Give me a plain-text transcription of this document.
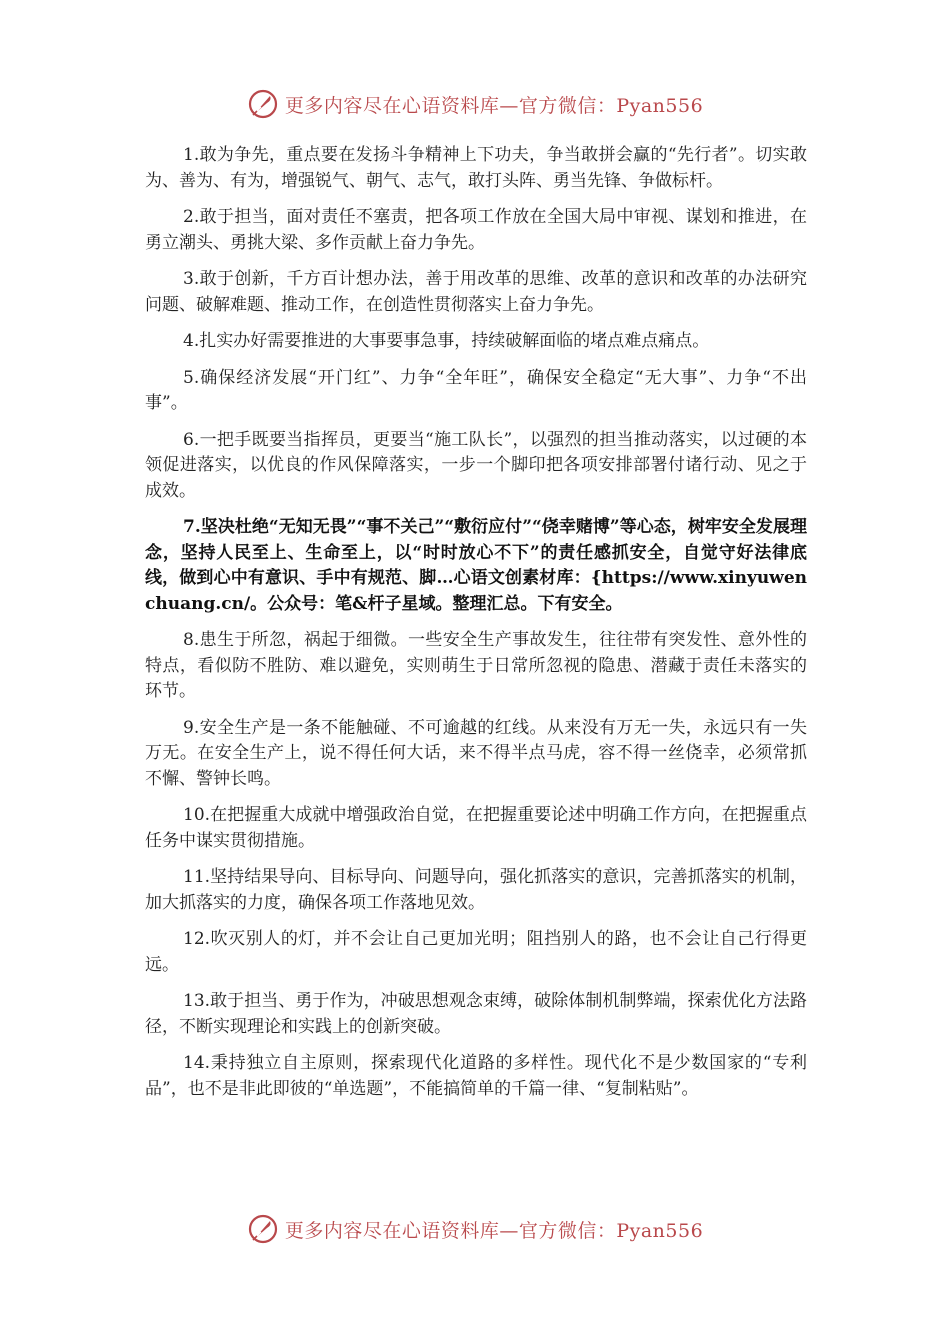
更多内容尽在心语资料库—官方微信：Pyan556

1.敢为争先，重点要在发扬斗争精神上下功夫，争当敢拼会赢的“先行者”。切实敢为、善为、有为，增强锐气、朝气、志气，敢打头阵、勇当先锋、争做标杆。

2.敢于担当，面对责任不塞责，把各项工作放在全国大局中审视、谋划和推进，在勇立潮头、勇挑大梁、多作贡献上奋力争先。

3.敢于创新，千方百计想办法，善于用改革的思维、改革的意识和改革的办法研究问题、破解难题、推动工作，在创造性贯彻落实上奋力争先。

4.扎实办好需要推进的大事要事急事，持续破解面临的堵点难点痛点。

5.确保经济发展“开门红”、力争“全年旺”，确保安全稳定“无大事”、力争“不出事”。

6.一把手既要当指挥员，更要当“施工队长”，以强烈的担当推动落实，以过硬的本领促进落实，以优良的作风保障落实，一步一个脚印把各项安排部署付诸行动、见之于成效。

7.坚决杜绝“无知无畏”“事不关己”“敷衍应付”“侥幸赌博”等心态，树牢安全发展理念，坚持人民至上、生命至上，以“时时放心不下”的责任感抓安全，自觉守好法律底线，做到心中有意识、手中有规范、脚…心语文创素材库：{https://www.xinyuwenchuang.cn/。公众号：笔&杆子星域。整理汇总。下有安全。

8.患生于所忽，祸起于细微。一些安全生产事故发生，往往带有突发性、意外性的特点，看似防不胜防、难以避免，实则萌生于日常所忽视的隐患、潜藏于责任未落实的环节。

9.安全生产是一条不能触碰、不可逾越的红线。从来没有万无一失，永远只有一失万无。在安全生产上，说不得任何大话，来不得半点马虎，容不得一丝侥幸，必须常抓不懈、警钟长鸣。

10.在把握重大成就中增强政治自觉，在把握重要论述中明确工作方向，在把握重点任务中谋实贯彻措施。

11.坚持结果导向、目标导向、问题导向，强化抓落实的意识，完善抓落实的机制，加大抓落实的力度，确保各项工作落地见效。

12.吹灭别人的灯，并不会让自己更加光明；阻挡别人的路，也不会让自己行得更远。

13.敢于担当、勇于作为，冲破思想观念束缚，破除体制机制弊端，探索优化方法路径，不断实现理论和实践上的创新突破。

14.秉持独立自主原则，探索现代化道路的多样性。现代化不是少数国家的“专利品”，也不是非此即彼的“单选题”，不能搞简单的千篇一律、“复制粘贴”。

更多内容尽在心语资料库—官方微信：Pyan556
